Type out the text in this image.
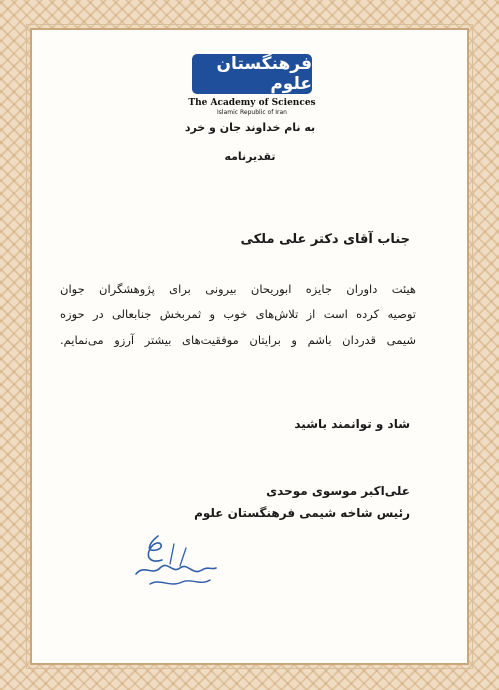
فرهنگستان علوم
The Academy of Sciences
Islamic Republic of Iran
به نام خداوند جان و خرد
تقدیرنامه
جناب آقای دکتر علی ملکی
هیئت داوران جایزه ابوریحان بیرونی برای پژوهشگران جوان
توصیه کرده است از تلاش‌های خوب و ثمربخش جنابعالی در حوزه
شیمی قدردان باشم و برایتان موفقیت‌های بیشتر آرزو می‌نمایم.
شاد و توانمند باشید
علی‌اکبر موسوی موحدی
رئیس شاخه شیمی فرهنگستان علوم
